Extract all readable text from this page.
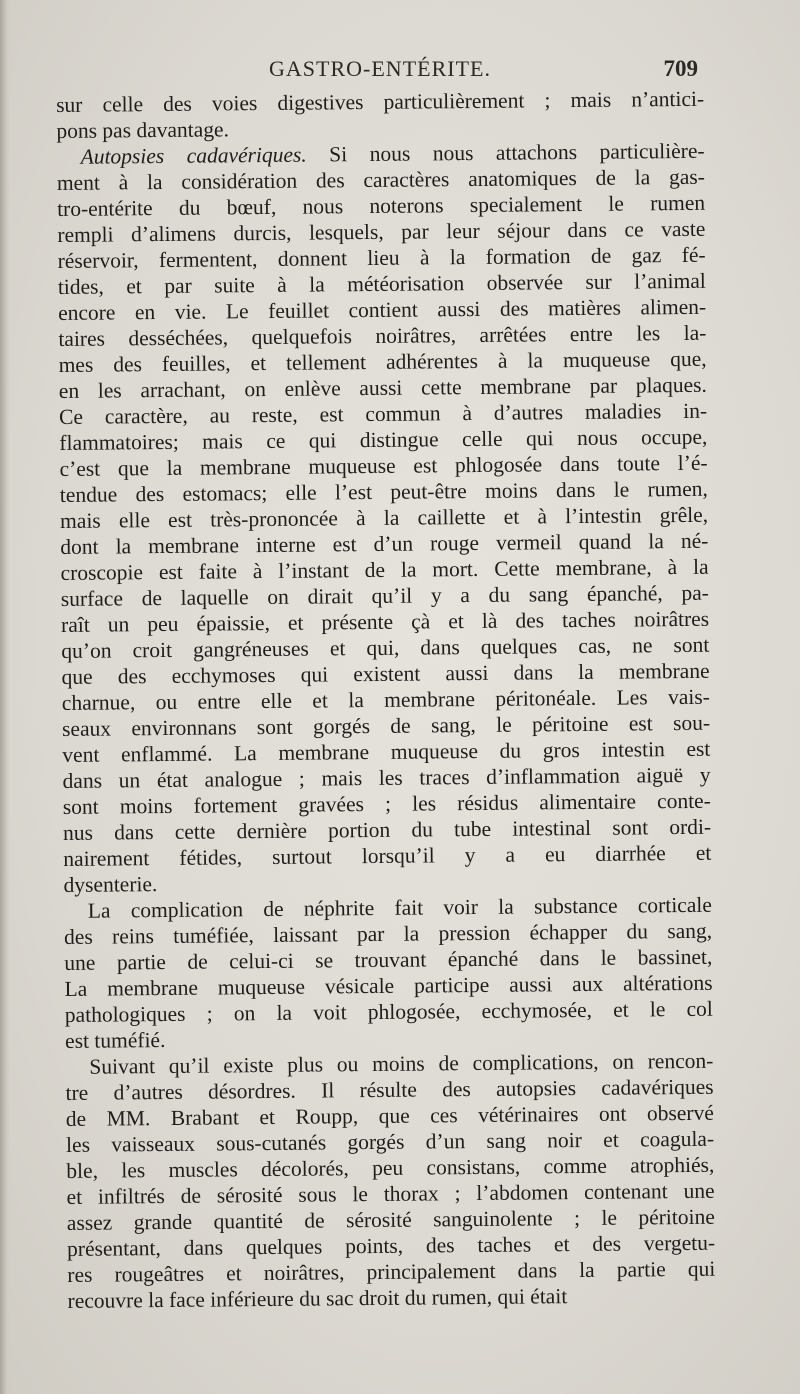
GASTRO-ENTÉRITE.	709
sur celle des voies digestives particulièrement ; mais n’antici-
pons pas davantage.
Autopsies cadavériques. Si nous nous attachons particulière-
ment à la considération des caractères anatomiques de la gas-
tro-entérite du bœuf, nous noterons specialement le rumen
rempli d’alimens durcis, lesquels, par leur séjour dans ce vaste
réservoir, fermentent, donnent lieu à la formation de gaz fé-
tides, et par suite à la météorisation observée sur l’animal
encore en vie. Le feuillet contient aussi des matières alimen-
taires desséchées, quelquefois noirâtres, arrêtées entre les la-
mes des feuilles, et tellement adhérentes à la muqueuse que,
en les arrachant, on enlève aussi cette membrane par plaques.
Ce caractère, au reste, est commun à d’autres maladies in-
flammatoires; mais ce qui distingue celle qui nous occupe,
c’est que la membrane muqueuse est phlogosée dans toute l’é-
tendue des estomacs; elle l’est peut-être moins dans le rumen,
mais elle est très-prononcée à la caillette et à l’intestin grêle,
dont la membrane interne est d’un rouge vermeil quand la né-
croscopie est faite à l’instant de la mort. Cette membrane, à la
surface de laquelle on dirait qu’il y a du sang épanché, pa-
raît un peu épaissie, et présente çà et là des taches noirâtres
qu’on croit gangréneuses et qui, dans quelques cas, ne sont
que des ecchymoses qui existent aussi dans la membrane
charnue, ou entre elle et la membrane péritonéale. Les vais-
seaux environnans sont gorgés de sang, le péritoine est sou-
vent enflammé. La membrane muqueuse du gros intestin est
dans un état analogue ; mais les traces d’inflammation aiguë y
sont moins fortement gravées ; les résidus alimentaire conte-
nus dans cette dernière portion du tube intestinal sont ordi-
nairement fétides, surtout lorsqu’il y a eu diarrhée et
dysenterie.
La complication de néphrite fait voir la substance corticale
des reins tuméfiée, laissant par la pression échapper du sang,
une partie de celui-ci se trouvant épanché dans le bassinet,
La membrane muqueuse vésicale participe aussi aux altérations
pathologiques ; on la voit phlogosée, ecchymosée, et le col
est tuméfié.
Suivant qu’il existe plus ou moins de complications, on rencon-
tre d’autres désordres. Il résulte des autopsies cadavériques
de MM. Brabant et Roupp, que ces vétérinaires ont observé
les vaisseaux sous-cutanés gorgés d’un sang noir et coagula-
ble, les muscles décolorés, peu consistans, comme atrophiés,
et infiltrés de sérosité sous le thorax ; l’abdomen contenant une
assez grande quantité de sérosité sanguinolente ; le péritoine
présentant, dans quelques points, des taches et des vergetu-
res rougeâtres et noirâtres, principalement dans la partie qui
recouvre la face inférieure du sac droit du rumen, qui était
